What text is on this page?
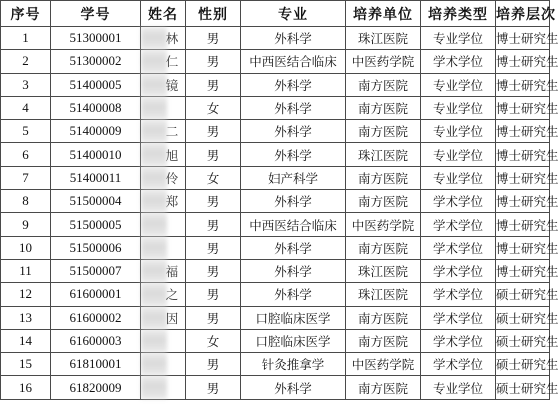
序号	学号	姓名	性别	专业	培养单位	培养类型	培养层次
1	51300001	林	男	外科学	珠江医院	专业学位	博士研究生
2	51300002	仁	男	中西医结合临床	中医药学院	学术学位	博士研究生
3	51400005	镜	男	外科学	南方医院	专业学位	博士研究生
4	51400008		女	外科学	南方医院	专业学位	博士研究生
5	51400009	二	男	外科学	南方医院	专业学位	博士研究生
6	51400010	旭	男	外科学	珠江医院	专业学位	博士研究生
7	51400011	伶	女	妇产科学	南方医院	专业学位	博士研究生
8	51500004	郑	男	外科学	南方医院	学术学位	博士研究生
9	51500005		男	中西医结合临床	中医药学院	学术学位	博士研究生
10	51500006		男	外科学	南方医院	学术学位	博士研究生
11	51500007	福	男	外科学	珠江医院	学术学位	博士研究生
12	61600001	之	男	外科学	珠江医院	学术学位	硕士研究生
13	61600002	因	男	口腔临床医学	南方医院	学术学位	硕士研究生
14	61600003		女	口腔临床医学	南方医院	学术学位	硕士研究生
15	61810001		男	针灸推拿学	中医药学院	学术学位	硕士研究生
16	61820009		男	外科学	南方医院	专业学位	硕士研究生
